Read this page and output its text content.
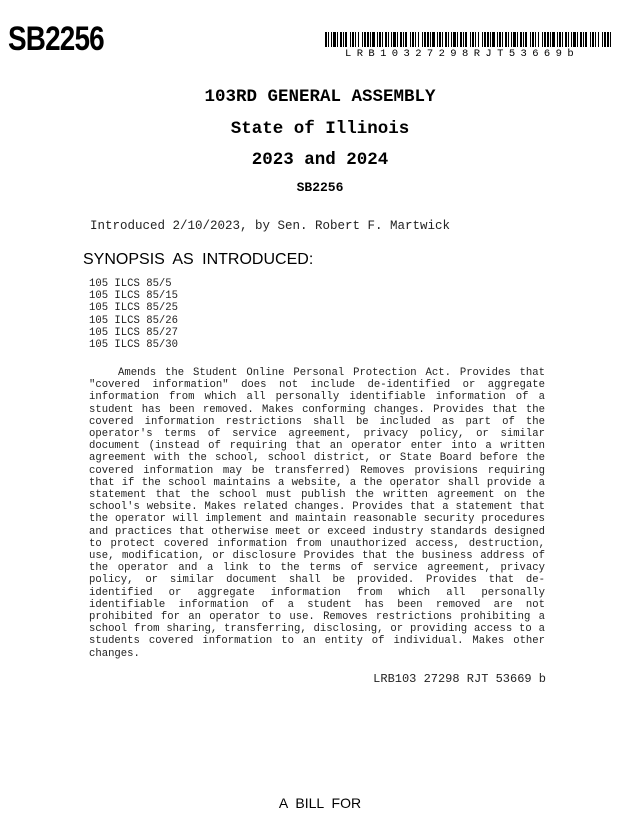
SB2256	LRB10327298RJT53669b
103RD GENERAL ASSEMBLY
State of Illinois
2023 and 2024
SB2256
Introduced 2/10/2023, by Sen. Robert F. Martwick
SYNOPSIS AS INTRODUCED:
105 ILCS 85/5
105 ILCS 85/15
105 ILCS 85/25
105 ILCS 85/26
105 ILCS 85/27
105 ILCS 85/30
Amends the Student Online Personal Protection Act. Provides that "covered information" does not include de-identified or aggregate information from which all personally identifiable information of a student has been removed. Makes conforming changes. Provides that the covered information restrictions shall be included as part of the operator's terms of service agreement, privacy policy, or similar document (instead of requiring that an operator enter into a written agreement with the school, school district, or State Board before the covered information may be transferred) Removes provisions requiring that if the school maintains a website, a the operator shall provide a statement that the school must publish the written agreement on the school's website. Makes related changes. Provides that a statement that the operator will implement and maintain reasonable security procedures and practices that otherwise meet or exceed industry standards designed to protect covered information from unauthorized access, destruction, use, modification, or disclosure Provides that the business address of the operator and a link to the terms of service agreement, privacy policy, or similar document shall be provided. Provides that de-identified or aggregate information from which all personally identifiable information of a student has been removed are not prohibited for an operator to use. Removes restrictions prohibiting a school from sharing, transferring, disclosing, or providing access to a students covered information to an entity of individual. Makes other changes.
LRB103 27298 RJT 53669 b
A BILL FOR
